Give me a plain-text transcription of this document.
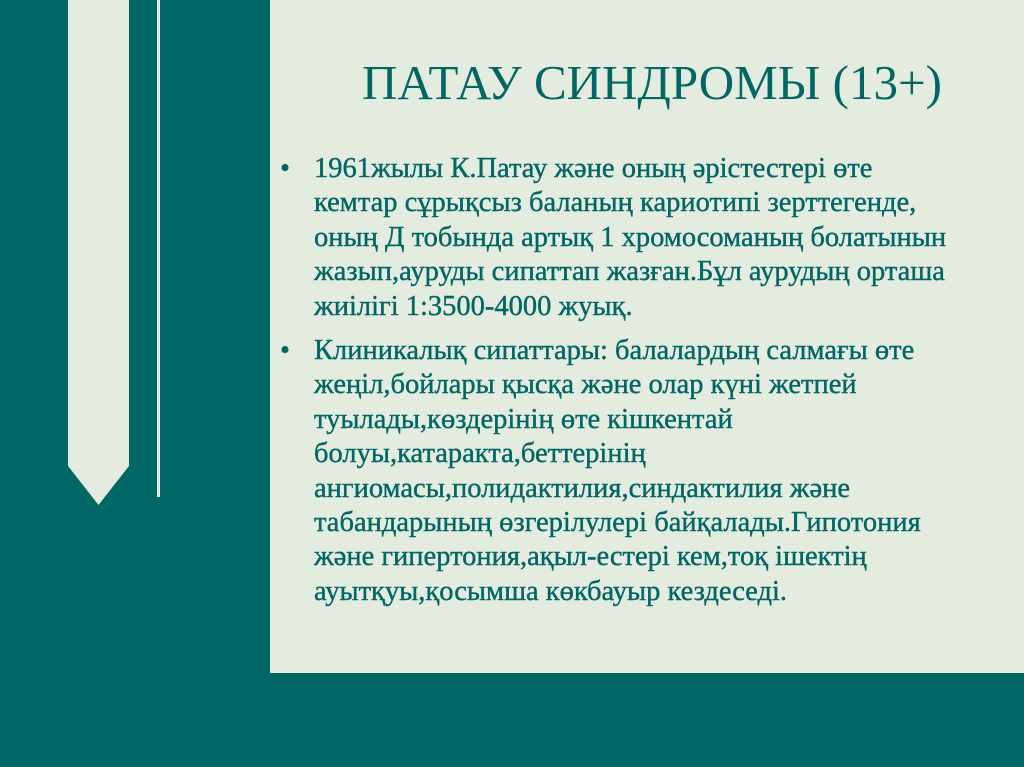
ПАТАУ СИНДРОМЫ (13+)
• 1961жылы К.Патау және оның әрістестері өте
кемтар сұрықсыз баланың кариотипі зерттегенде,
оның Д тобында артық 1 хромосоманың болатынын
жазып,ауруды сипаттап жазған.Бұл аурудың орташа
жиілігі 1:3500-4000 жуық.
• Клиникалық сипаттары: балалардың салмағы өте
жеңіл,бойлары қысқа және олар күні жетпей
туылады,көздерінің өте кішкентай
болуы,катаракта,беттерінің
ангиомасы,полидактилия,синдактилия және
табандарының өзгерілулері байқалады.Гипотония
және гипертония,ақыл-естері кем,тоқ ішектің
ауытқуы,қосымша көкбауыр кездеседі.
